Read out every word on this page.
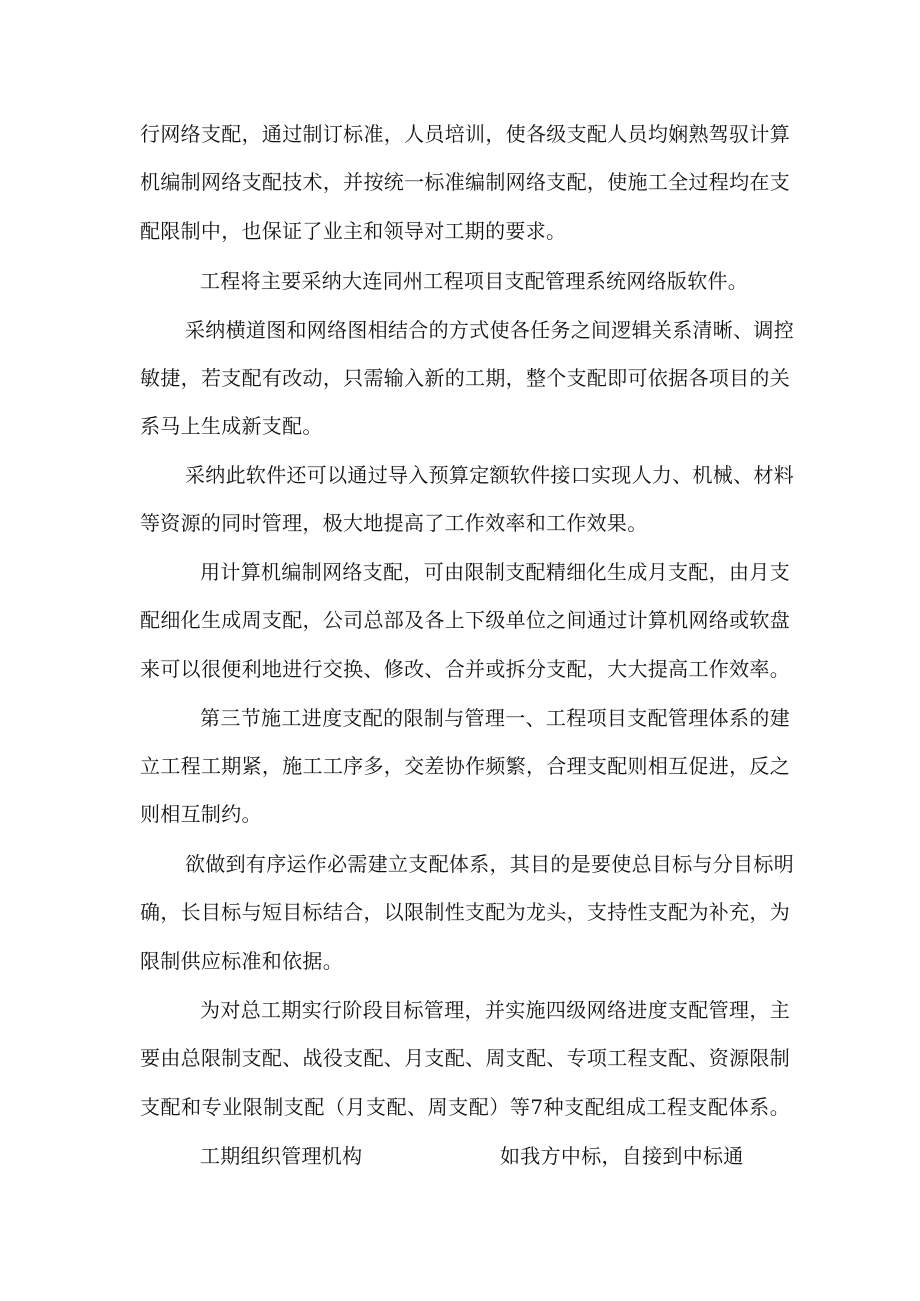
行网络支配，通过制订标准，人员培训，使各级支配人员均娴熟驾驭计算
机编制网络支配技术，并按统一标准编制网络支配，使施工全过程均在支
配限制中，也保证了业主和领导对工期的要求。
工程将主要采纳大连同州工程项目支配管理系统网络版软件。
采纳横道图和网络图相结合的方式使各任务之间逻辑关系清晰、调控
敏捷，若支配有改动，只需输入新的工期，整个支配即可依据各项目的关
系马上生成新支配。
采纳此软件还可以通过导入预算定额软件接口实现人力、机械、材料
等资源的同时管理，极大地提高了工作效率和工作效果。
用计算机编制网络支配，可由限制支配精细化生成月支配，由月支
配细化生成周支配，公司总部及各上下级单位之间通过计算机网络或软盘
来可以很便利地进行交换、修改、合并或拆分支配，大大提高工作效率。
第三节施工进度支配的限制与管理一、工程项目支配管理体系的建
立工程工期紧，施工工序多，交差协作频繁，合理支配则相互促进，反之
则相互制约。
欲做到有序运作必需建立支配体系，其目的是要使总目标与分目标明
确，长目标与短目标结合，以限制性支配为龙头，支持性支配为补充，为
限制供应标准和依据。
为对总工期实行阶段目标管理，并实施四级网络进度支配管理，主
要由总限制支配、战役支配、月支配、周支配、专项工程支配、资源限制
支配和专业限制支配（月支配、周支配）等7种支配组成工程支配体系。
工期组织管理机构	如我方中标，自接到中标通
